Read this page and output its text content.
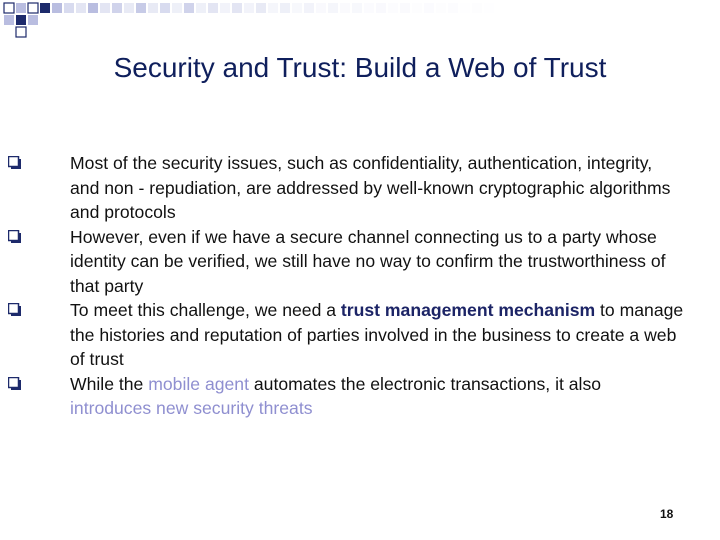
Security and Trust: Build a Web of Trust
Most of the security issues, such as confidentiality, authentication, integrity, and non - repudiation, are addressed by well-known cryptographic algorithms and protocols
However, even if we have a secure channel connecting us to a party whose identity can be verified, we still have no way to confirm the trustworthiness of that party
To meet this challenge, we need a trust management mechanism to manage the histories and reputation of parties involved in the business to create a web of trust
While the mobile agent automates the electronic transactions, it also introduces new security threats
18
